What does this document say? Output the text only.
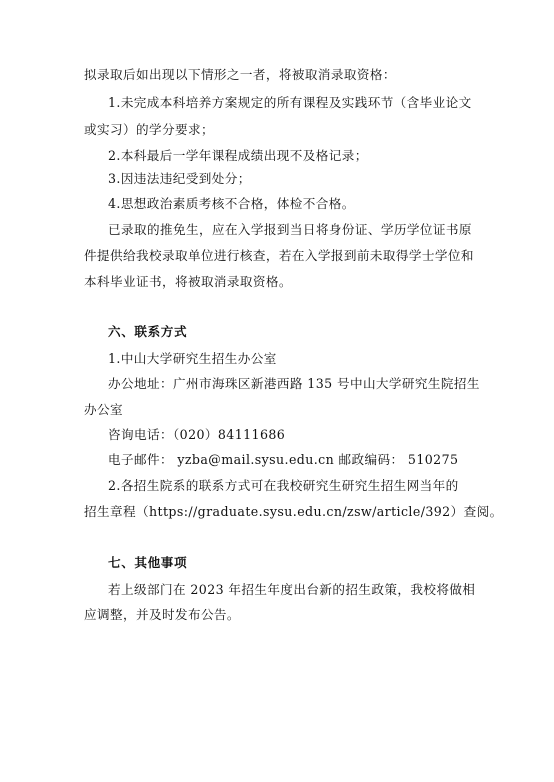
拟录取后如出现以下情形之一者，将被取消录取资格：
1.未完成本科培养方案规定的所有课程及实践环节（含毕业论文
或实习）的学分要求；
2.本科最后一学年课程成绩出现不及格记录；
3.因违法违纪受到处分；
4.思想政治素质考核不合格，体检不合格。
已录取的推免生，应在入学报到当日将身份证、学历学位证书原
件提供给我校录取单位进行核查，若在入学报到前未取得学士学位和
本科毕业证书，将被取消录取资格。
六、联系方式
1.中山大学研究生招生办公室
办公地址：广州市海珠区新港西路 135 号中山大学研究生院招生
办公室
咨询电话：（020）84111686
电子邮件： yzba@mail.sysu.edu.cn 邮政编码： 510275
2.各招生院系的联系方式可在我校研究生研究生招生网当年的
招生章程（https://graduate.sysu.edu.cn/zsw/article/392）查阅。
七、其他事项
若上级部门在 2023 年招生年度出台新的招生政策，我校将做相
应调整，并及时发布公告。
